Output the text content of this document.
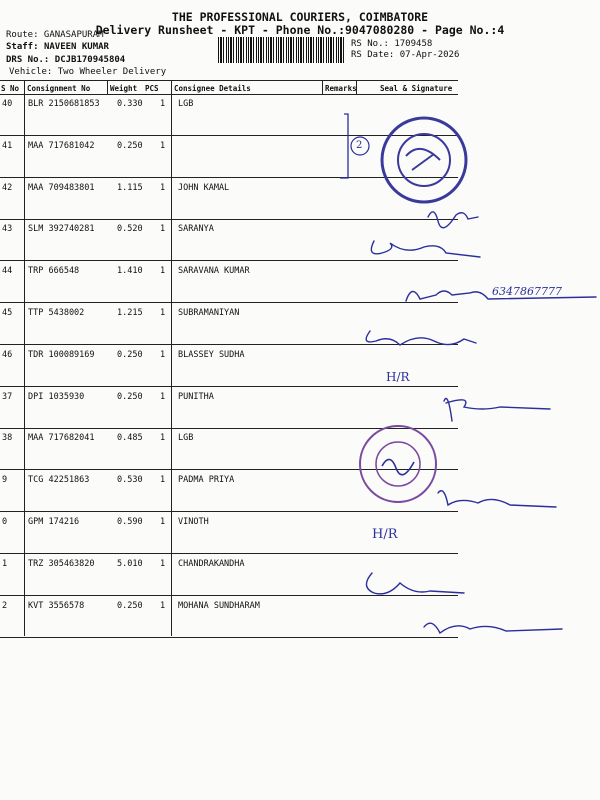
THE PROFESSIONAL COURIERS, COIMBATORE
Delivery Runsheet - KPT - Phone No.:9047080280 - Page No.:4
Route: GANASAPURAM
Staff: NAVEEN KUMAR
DRS No.: DCJB170945804
Vehicle: Two Wheeler Delivery
RS No.: 1709458
RS Date: 07-Apr-2026
S No Consignment No	Weight PCS Consignee Details	Remarks	Seal & Signature
40 BLR 2150681853 0.330 1 LGB
41 MAA 717681042	0.250 1
42 MAA 709483801	1.115 1 JOHN KAMAL
43 SLM 392740281	0.520 1 SARANYA
44 TRP 666548	1.410 1 SARAVANA KUMAR
45 TTP 5438002	1.215 1 SUBRAMANIYAN
46 TDR 100089169	0.250 1 BLASSEY SUDHA
37 DPI 1035930	0.250 1 PUNITHA
38 MAA 717682041	0.485 1 LGB
9 TCG 42251863	0.530 1 PADMA PRIYA
0 GPM 174216	0.590 1 VINOTH
1 TRZ 305463820	5.010 1 CHANDRAKANDHA
2 KVT 3556578	0.250 1 MOHANA SUNDHARAM
2
H/R
H/R
6347867777
